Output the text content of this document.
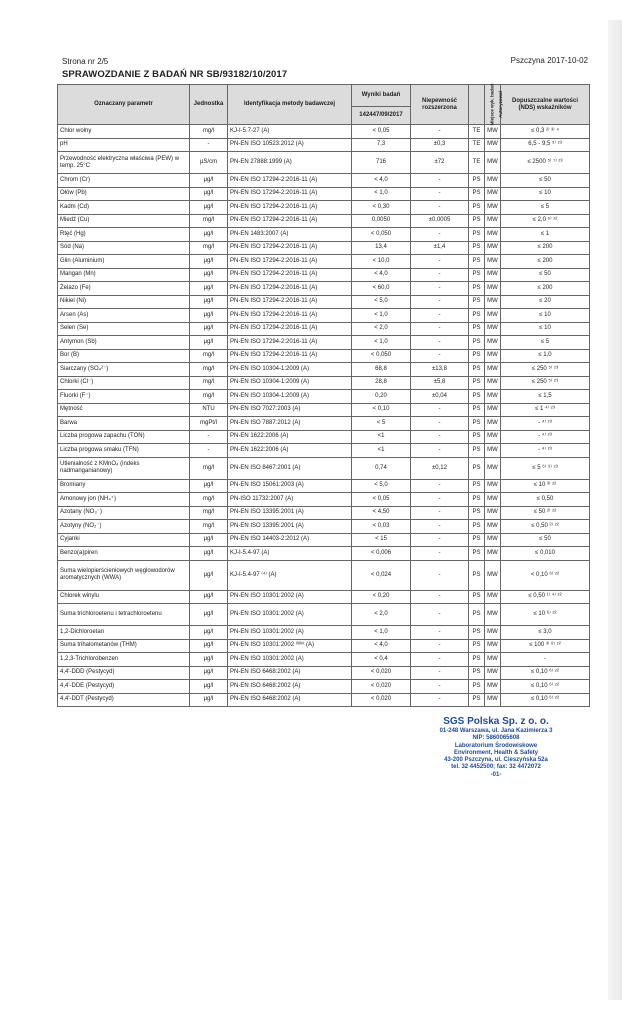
Strona nr 2/5	Pszczyna 2017-10-02
SPRAWOZDANIE Z BADAŃ NR SB/93182/10/2017
Oznaczany parametr	Jednostka	Identyfikacja metody badawczej	Wyniki badań	Niepewność rozszerzona	Miejsce wyk. badań	Autoryzowal	Dopuszczalne wartości (NDS) wskaźników
			142447/09/2017				
Chlor wolny	mg/l	KJ-I-5.7-27 (A)	< 0,05	-	TE	MW	≤ 0,3 ²⁾ ³⁾ ⁴
pH	-	PN-EN ISO 10523:2012 (A)	7,3	±0,3	TE	MW	6,5 - 9,5 ⁵⁾ ᶻ³
Przewodność elektryczna właściwa (PEW) w temp. 25°C	µS/cm	PN-EN 27888:1999 (A)	716	±72	TE	MW	≤ 2500 ⁵⁾ ⁷⁾ ᶻ³
Chrom (Cr)	µg/l	PN-EN ISO 17294-2:2016-11 (A)	< 4,0	-	PS	MW	≤ 50
Ołów (Pb)	µg/l	PN-EN ISO 17294-2:2016-11 (A)	< 1,0	-	PS	MW	≤ 10
Kadm (Cd)	µg/l	PN-EN ISO 17294-2:2016-11 (A)	< 0,30	-	PS	MW	≤ 5
Miedź (Cu)	mg/l	PN-EN ISO 17294-2:2016-11 (A)	0,0050	±0,0005	PS	MW	≤ 2,0 ⁵⁾ ᶻ²
Rtęć (Hg)	µg/l	PN-EN 1483:2007 (A)	< 0,050	-	PS	MW	≤ 1
Sód (Na)	mg/l	PN-EN ISO 17294-2:2016-11 (A)	13,4	±1,4	PS	MW	≤ 200
Glin (Aluminium)	µg/l	PN-EN ISO 17294-2:2016-11 (A)	< 10,0	-	PS	MW	≤ 200
Mangan (Mn)	µg/l	PN-EN ISO 17294-2:2016-11 (A)	< 4,0	-	PS	MW	≤ 50
Żelazo (Fe)	µg/l	PN-EN ISO 17294-2:2016-11 (A)	< 60,0	-	PS	MW	≤ 200
Nikiel (Ni)	µg/l	PN-EN ISO 17294-2:2016-11 (A)	< 5,0	-	PS	MW	≤ 20
Arsen (As)	µg/l	PN-EN ISO 17294-2:2016-11 (A)	< 1,0	-	PS	MW	≤ 10
Selen (Se)	µg/l	PN-EN ISO 17294-2:2016-11 (A)	< 2,0	-	PS	MW	≤ 10
Antymon (Sb)	µg/l	PN-EN ISO 17294-2:2016-11 (A)	< 1,0	-	PS	MW	≤ 5
Bor (B)	mg/l	PN-EN ISO 17294-2:2016-11 (A)	< 0,050	-	PS	MW	≤ 1,0
Siarczany (SO₄²⁻)	mg/l	PN-EN ISO 10304-1:2009 (A)	68,8	±13,8	PS	MW	≤ 250 ⁵⁾ ᶻ³
Chlorki (Cl⁻)	mg/l	PN-EN ISO 10304-1:2009 (A)	28,8	±5,8	PS	MW	≤ 250 ⁵⁾ ᶻ³
Fluorki (F⁻)	mg/l	PN-EN ISO 10304-1:2009 (A)	0,20	±0,04	PS	MW	≤ 1,5
Mętność	NTU	PN-EN ISO 7027:2003 (A)	< 0,10	-	PS	MW	≤ 1 ⁴⁾ ᶻ³
Barwa	mgPt/l	PN-EN ISO 7887:2012 (A)	< 5	-	PS	MW	- ⁴⁾ ᶻ³
Liczba progowa zapachu (TON)	-	PN-EN 1622:2006 (A)	<1	-	PS	MW	- ⁴⁾ ᶻ³
Liczba progowa smaku (TFN)	-	PN-EN 1622:2006 (A)	<1	-	PS	MW	- ⁴⁾ ᶻ³
Utlenialność z KMnO₄ (indeks nadmanganianowy)	mg/l	PN-EN ISO 8467:2001 (A)	0,74	±0,12	PS	MW	≤ 5 ⁶⁾ ⁹⁾ ᶻ³
Bromiany	µg/l	PN-EN ISO 15061:2003 (A)	< 5,0	-	PS	MW	≤ 10 ³⁾ ᶻ²
Amonowy jon (NH₄⁺)	mg/l	PN-ISO 11732:2007 (A)	< 0,05	-	PS	MW	≤ 0,50
Azotany (NO₃⁻)	mg/l	PN-EN ISO 13395:2001 (A)	< 4,50	-	PS	MW	≤ 50 ²⁾ ᶻ²
Azotyny (NO₂⁻)	mg/l	PN-EN ISO 13395:2001 (A)	< 0,03	-	PS	MW	≤ 0,50 ²⁾ ᶻ²
Cyjanki	µg/l	PN-EN ISO 14403-2:2012 (A)	< 15	-	PS	MW	≤ 50
Benzo(a)piren	µg/l	KJ-I-5.4-97 (A)	< 0,006	-	PS	MW	≤ 0,010
Suma wielopierścieniowych węglowodorów aromatycznych (WWA)	µg/l	KJ-I-5.4-97 ⁽⁴⁾ (A)	< 0,024	-	PS	MW	< 0,10 ⁶⁾ ᶻ²
Chlorek winylu	µg/l	PN-EN ISO 10301:2002 (A)	< 0,20	-	PS	MW	≤ 0,50 ¹⁾ ⁴⁾ ᶻ²
Suma trichloroetenu i tetrachloroetenu	µg/l	PN-EN ISO 10301:2002 (A)	< 2,0	-	PS	MW	≤ 10 ⁶⁾ ᶻ²
1,2-Dichloroetan	µg/l	PN-EN ISO 10301:2002 (A)	< 1,0	-	PS	MW	≤ 3,0
Suma trihalometanów (THM)	µg/l	PN-EN ISO 10301:2002 ⁽ᵂᵛ⁾ (A)	< 4,0	-	PS	MW	≤ 100 ³⁾ ⁸⁾ ᶻ²
1,2,3-Trichlorobenzen	µg/l	PN-EN ISO 10301:2002 (A)	< 0,4	-	PS	MW	-
4,4'-DDD (Pestycyd)	µg/l	PN-EN ISO 6468:2002 (A)	< 0,020	-	PS	MW	≤ 0,10 ⁶⁾ ᶻ²
4,4'-DDE (Pestycyd)	µg/l	PN-EN ISO 6468:2002 (A)	< 0,020	-	PS	MW	≤ 0,10 ⁶⁾ ᶻ²
4,4'-DDT (Pestycyd)	µg/l	PN-EN ISO 6468:2002 (A)	< 0,020	-	PS	MW	≤ 0,10 ⁶⁾ ᶻ²
SGS Polska Sp. z o. o.
01-248 Warszawa, ul. Jana Kazimierza 3
NIP: 5860065608
Laboratorium Środowiskowe
Environment, Health & Safety
43-200 Pszczyna, ul. Cieszyńska 52a
tel. 32 4452500; fax: 32 4472072
-01-
